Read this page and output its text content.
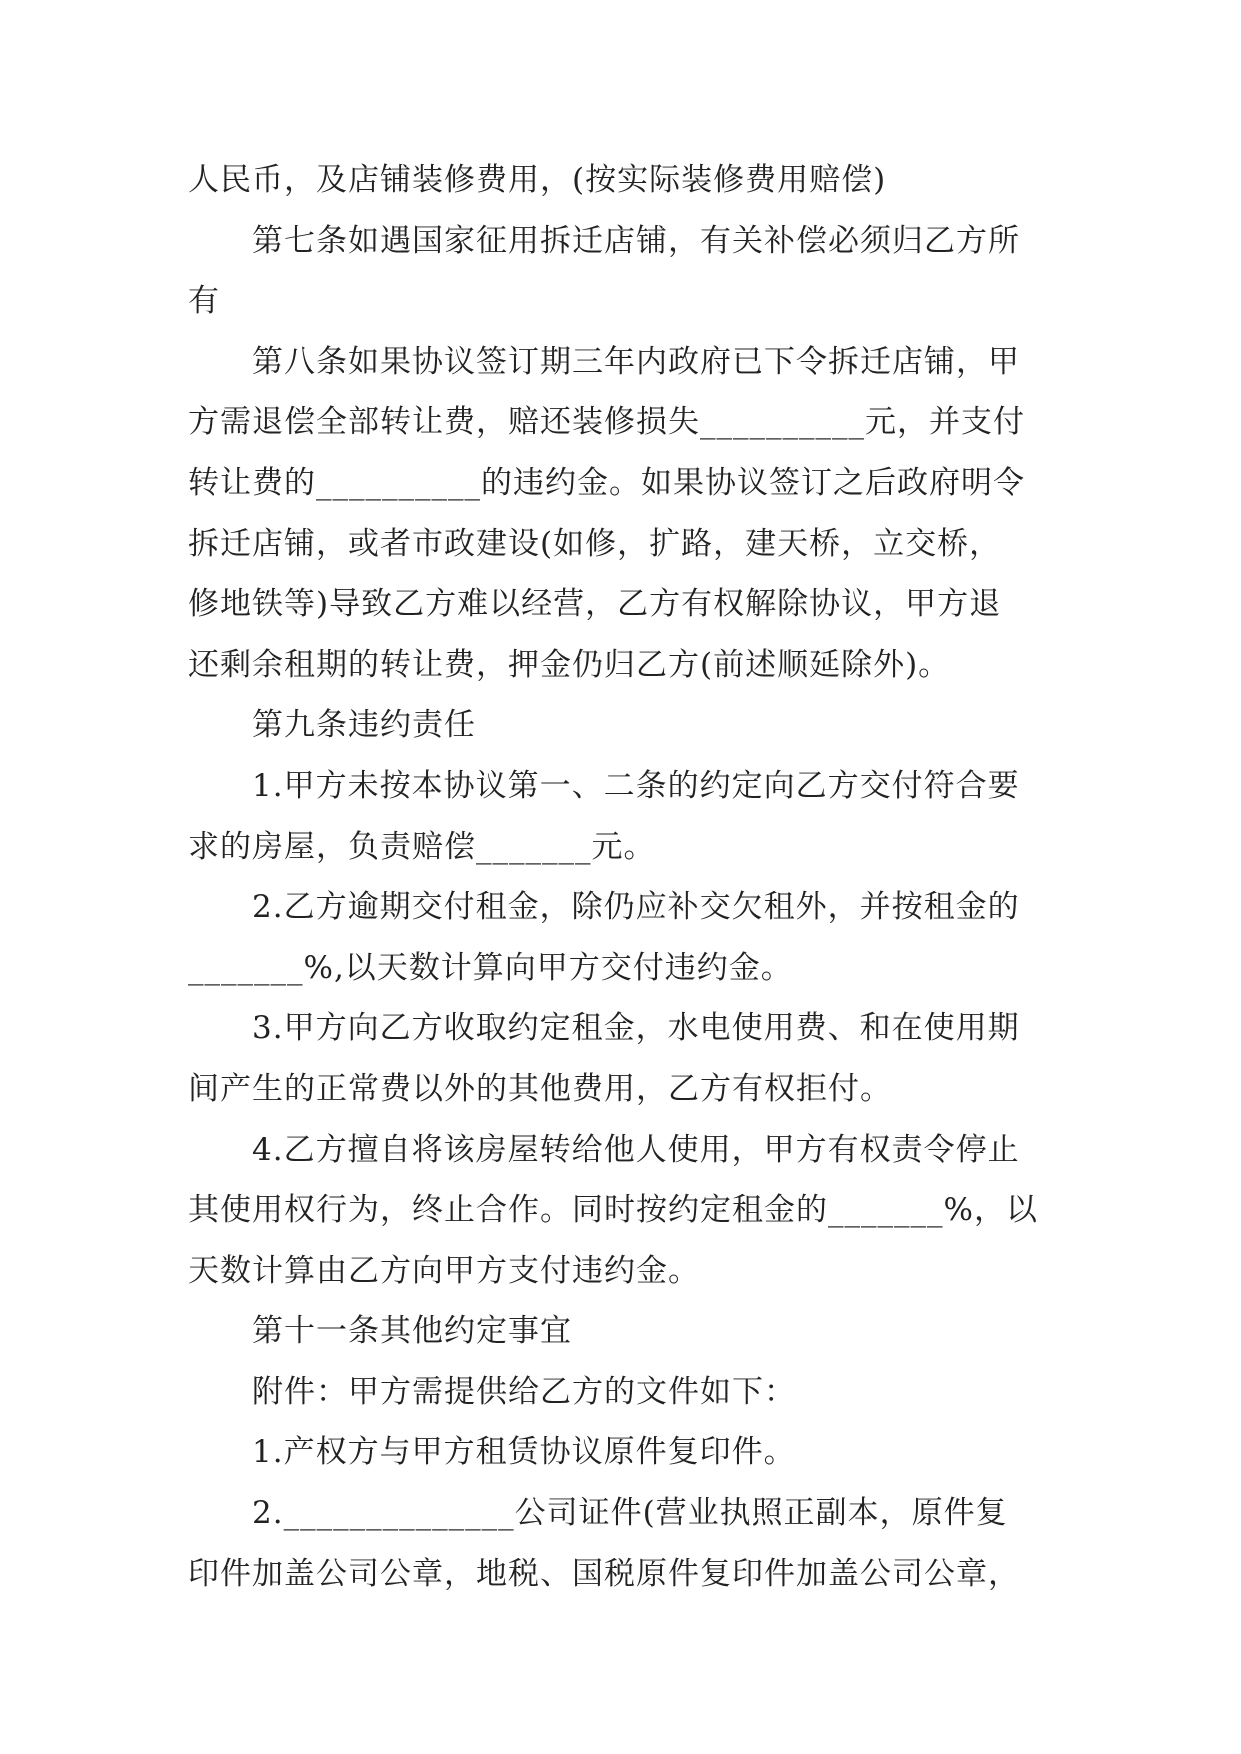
人民币，及店铺装修费用，(按实际装修费用赔偿)
第七条如遇国家征用拆迁店铺，有关补偿必须归乙方所
有
第八条如果协议签订期三年内政府已下令拆迁店铺，甲
方需退偿全部转让费，赔还装修损失__________元，并支付
转让费的__________的违约金。如果协议签订之后政府明令
拆迁店铺，或者市政建设(如修，扩路，建天桥，立交桥，
修地铁等)导致乙方难以经营，乙方有权解除协议，甲方退
还剩余租期的转让费，押金仍归乙方(前述顺延除外)。
第九条违约责任
1.甲方未按本协议第一、二条的约定向乙方交付符合要
求的房屋，负责赔偿_______元。
2.乙方逾期交付租金，除仍应补交欠租外，并按租金的
_______%,以天数计算向甲方交付违约金。
3.甲方向乙方收取约定租金，水电使用费、和在使用期
间产生的正常费以外的其他费用，乙方有权拒付。
4.乙方擅自将该房屋转给他人使用，甲方有权责令停止
其使用权行为，终止合作。同时按约定租金的_______%，以
天数计算由乙方向甲方支付违约金。
第十一条其他约定事宜
附件：甲方需提供给乙方的文件如下：
1.产权方与甲方租赁协议原件复印件。
2.______________公司证件(营业执照正副本，原件复
印件加盖公司公章，地税、国税原件复印件加盖公司公章，
